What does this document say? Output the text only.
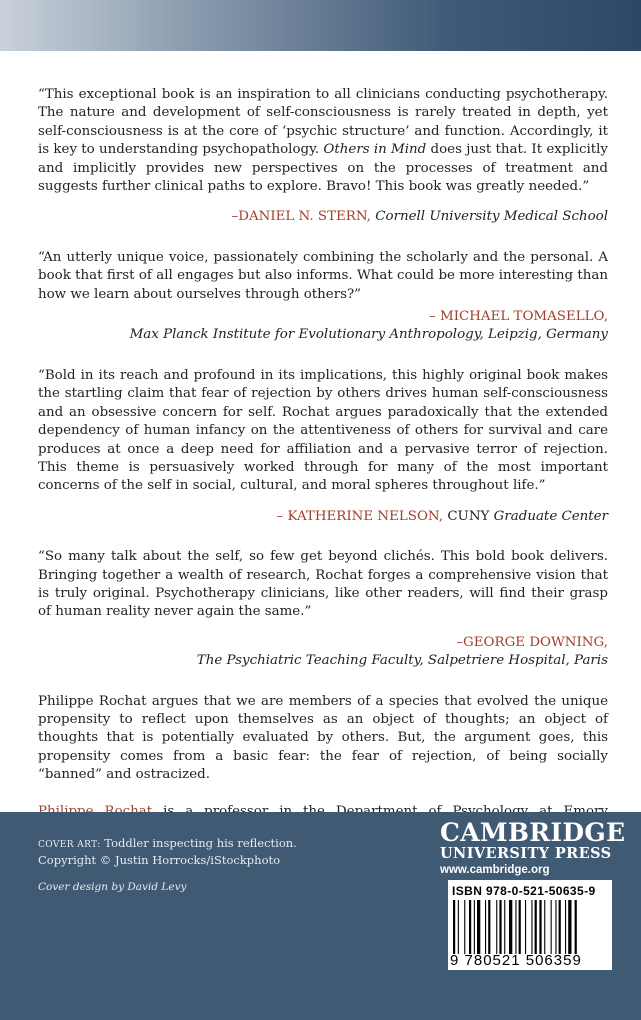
“This exceptional book is an inspiration to all clinicians conducting psychotherapy. The nature and development of self-consciousness is rarely treated in depth, yet self-consciousness is at the core of ‘psychic structure’ and function. Accordingly, it is key to understanding psychopathology. Others in Mind does just that. It explicitly and implicitly provides new perspectives on the processes of treatment and suggests further clinical paths to explore. Bravo! This book was greatly needed.”

–DANIEL N. STERN, Cornell University Medical School

“An utterly unique voice, passionately combining the scholarly and the personal. A book that first of all engages but also informs. What could be more interesting than how we learn about ourselves through others?”

– MICHAEL TOMASELLO,
Max Planck Institute for Evolutionary Anthropology, Leipzig, Germany

“Bold in its reach and profound in its implications, this highly original book makes the startling claim that fear of rejection by others drives human self-consciousness and an obsessive concern for self. Rochat argues paradoxically that the extended dependency of human infancy on the attentiveness of others for survival and care produces at once a deep need for affiliation and a pervasive terror of rejection. This theme is persuasively worked through for many of the most important concerns of the self in social, cultural, and moral spheres throughout life.”

– KATHERINE NELSON, CUNY Graduate Center

“So many talk about the self, so few get beyond clichés. This bold book delivers. Bringing together a wealth of research, Rochat forges a comprehensive vision that is truly original. Psychotherapy clinicians, like other readers, will find their grasp of human reality never again the same.”

–GEORGE DOWNING,
The Psychiatric Teaching Faculty, Salpetriere Hospital, Paris

Philippe Rochat argues that we are members of a species that evolved the unique propensity to reflect upon themselves as an object of thoughts; an object of thoughts that is potentially evaluated by others. But, the argument goes, this propensity comes from a basic fear: the fear of rejection, of being socially “banned” and ostracized.

COVER ART: Toddler inspecting his reflection.
Copyright © Justin Horrocks/iStockphoto
Cover design by David Levy
CAMBRIDGE
UNIVERSITY PRESS
www.cambridge.org
ISBN 978-0-521-50635-9
9 780521 506359
